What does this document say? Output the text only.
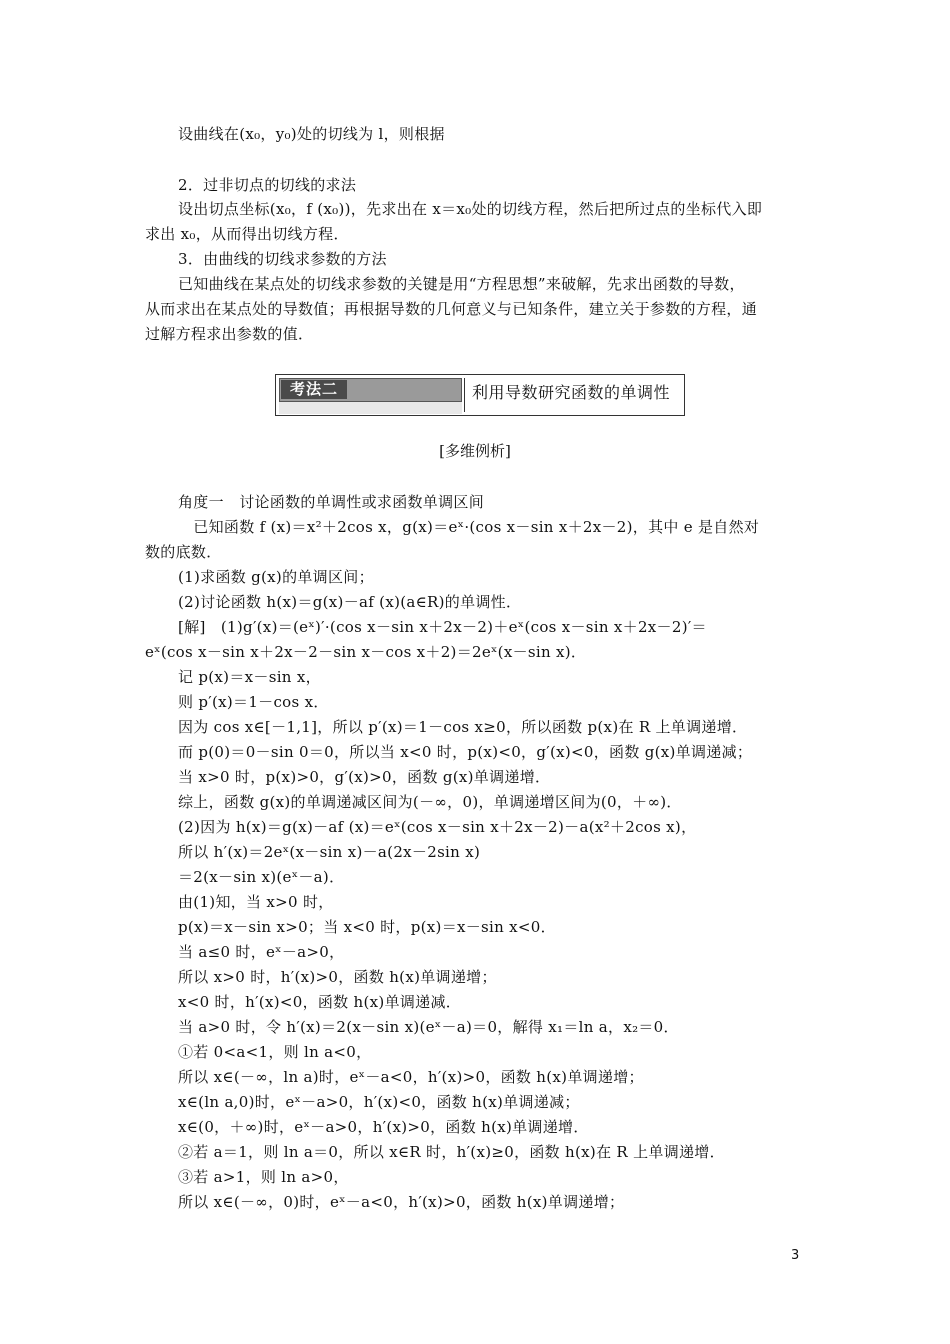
设曲线在(x₀，y₀)处的切线为 l，则根据
2．过非切点的切线的求法
设出切点坐标(x₀，f (x₀))，先求出在 x＝x₀处的切线方程，然后把所过点的坐标代入即
求出 x₀，从而得出切线方程．
3．由曲线的切线求参数的方法
已知曲线在某点处的切线求参数的关键是用“方程思想”来破解，先求出函数的导数，
从而求出在某点处的导数值；再根据导数的几何意义与已知条件，建立关于参数的方程，通
过解方程求出参数的值．
角度一　讨论函数的单调性或求函数单调区间
　已知函数 f (x)＝x²＋2cos x，g(x)＝eˣ·(cos x－sin x＋2x－2)，其中 e 是自然对
数的底数．
(1)求函数 g(x)的单调区间；
(2)讨论函数 h(x)＝g(x)－af (x)(a∈R)的单调性．
[解]　(1)g′(x)＝(eˣ)′·(cos x－sin x＋2x－2)＋eˣ(cos x－sin x＋2x－2)′＝
eˣ(cos x－sin x＋2x－2－sin x－cos x＋2)＝2eˣ(x－sin x)．
记 p(x)＝x－sin x，
则 p′(x)＝1－cos x．
因为 cos x∈[－1,1]，所以 p′(x)＝1－cos x≥0，所以函数 p(x)在 R 上单调递增．
而 p(0)＝0－sin 0＝0，所以当 x<0 时，p(x)<0，g′(x)<0，函数 g(x)单调递减；
当 x>0 时，p(x)>0，g′(x)>0，函数 g(x)单调递增．
综上，函数 g(x)的单调递减区间为(－∞，0)，单调递增区间为(0，＋∞)．
(2)因为 h(x)＝g(x)－af (x)＝eˣ(cos x－sin x＋2x－2)－a(x²＋2cos x)，
所以 h′(x)＝2eˣ(x－sin x)－a(2x－2sin x)
＝2(x－sin x)(eˣ－a)．
由(1)知，当 x>0 时，
p(x)＝x－sin x>0；当 x<0 时，p(x)＝x－sin x<0．
当 a≤0 时，eˣ－a>0，
所以 x>0 时，h′(x)>0，函数 h(x)单调递增；
x<0 时，h′(x)<0，函数 h(x)单调递减．
当 a>0 时，令 h′(x)＝2(x－sin x)(eˣ－a)＝0，解得 x₁＝ln a，x₂＝0．
①若 0<a<1，则 ln a<0，
所以 x∈(－∞，ln a)时，eˣ－a<0，h′(x)>0，函数 h(x)单调递增；
x∈(ln a,0)时，eˣ－a>0，h′(x)<0，函数 h(x)单调递减；
x∈(0，＋∞)时，eˣ－a>0，h′(x)>0，函数 h(x)单调递增．
②若 a＝1，则 ln a＝0，所以 x∈R 时，h′(x)≥0，函数 h(x)在 R 上单调递增．
③若 a>1，则 ln a>0，
所以 x∈(－∞，0)时，eˣ－a<0，h′(x)>0，函数 h(x)单调递增；
考法二	利用导数研究函数的单调性
[多维例析]
3
